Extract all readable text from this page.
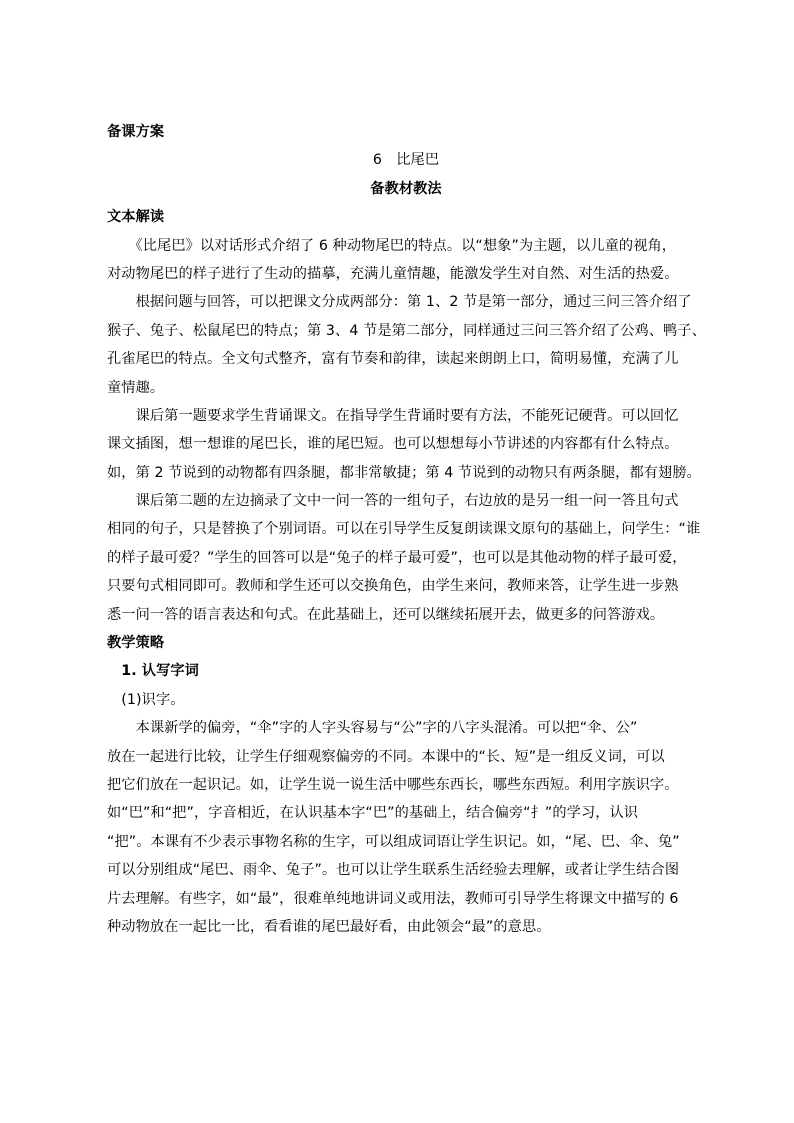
备课方案
6　比尾巴
备教材教法
文本解读
　　《比尾巴》以对话形式介绍了 6 种动物尾巴的特点。以“想象”为主题，以儿童的视角，
对动物尾巴的样子进行了生动的描摹，充满儿童情趣，能激发学生对自然、对生活的热爱。
　　根据问题与回答，可以把课文分成两部分：第 1、2 节是第一部分，通过三问三答介绍了
猴子、兔子、松鼠尾巴的特点；第 3、4 节是第二部分，同样通过三问三答介绍了公鸡、鸭子、
孔雀尾巴的特点。全文句式整齐，富有节奏和韵律，读起来朗朗上口，简明易懂，充满了儿
童情趣。
　　课后第一题要求学生背诵课文。在指导学生背诵时要有方法，不能死记硬背。可以回忆
课文插图，想一想谁的尾巴长，谁的尾巴短。也可以想想每小节讲述的内容都有什么特点。
如，第 2 节说到的动物都有四条腿，都非常敏捷；第 4 节说到的动物只有两条腿，都有翅膀。
　　课后第二题的左边摘录了文中一问一答的一组句子，右边放的是另一组一问一答且句式
相同的句子，只是替换了个别词语。可以在引导学生反复朗读课文原句的基础上，问学生：“谁
的样子最可爱？”学生的回答可以是“兔子的样子最可爱”，也可以是其他动物的样子最可爱，
只要句式相同即可。教师和学生还可以交换角色，由学生来问，教师来答，让学生进一步熟
悉一问一答的语言表达和句式。在此基础上，还可以继续拓展开去，做更多的问答游戏。
教学策略
　1. 认写字词
　(1)识字。
　　本课新学的偏旁，“伞”字的人字头容易与“公”字的八字头混淆。可以把“伞、公”
放在一起进行比较，让学生仔细观察偏旁的不同。本课中的“长、短”是一组反义词，可以
把它们放在一起识记。如，让学生说一说生活中哪些东西长，哪些东西短。利用字族识字。
如“巴”和“把”，字音相近，在认识基本字“巴”的基础上，结合偏旁“扌”的学习，认识
“把”。本课有不少表示事物名称的生字，可以组成词语让学生识记。如，“尾、巴、伞、兔”
可以分别组成“尾巴、雨伞、兔子”。也可以让学生联系生活经验去理解，或者让学生结合图
片去理解。有些字，如“最”，很难单纯地讲词义或用法，教师可引导学生将课文中描写的 6
种动物放在一起比一比，看看谁的尾巴最好看，由此领会“最”的意思。
